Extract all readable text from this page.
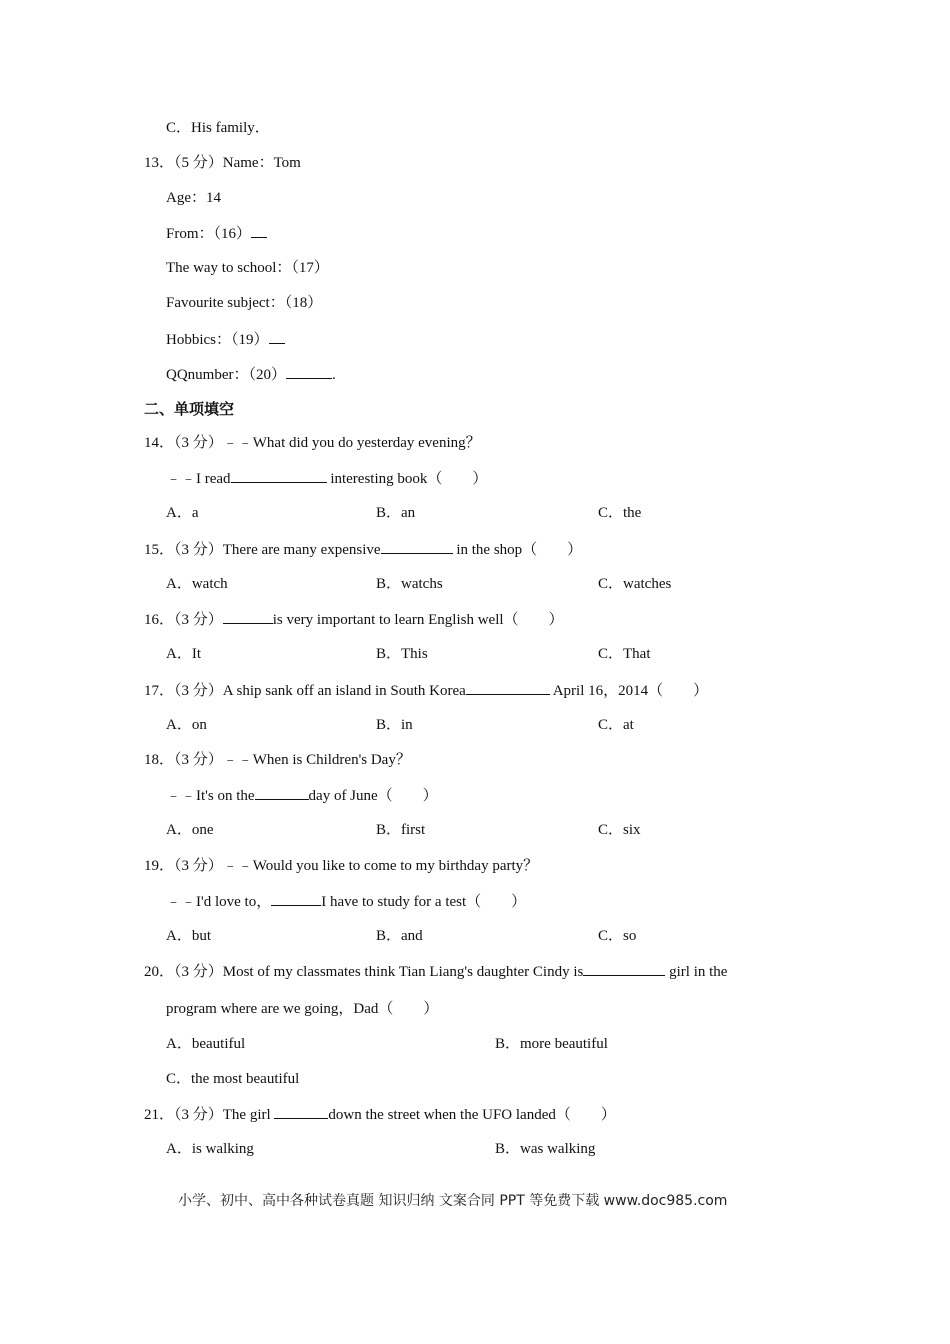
C．His family．
13．（5 分）Name：Tom
Age：14
From：（16）
The way to school：（17）
Favourite subject：（18）
Hobbics：（19）
QQnumber：（20）	.
二、单项填空
14．（3 分）﹣﹣What did you do yesterday evening？
﹣﹣I read	interesting book（　　）
A．a	B．an	C．the
15．（3 分）There are many expensive	in the shop（　　）
A．watch	B．watchs	C．watches
16．（3 分）	is very important to learn English well（　　）
A．It	B．This	C．That
17．（3 分）A ship sank off an island in South Korea	April 16，2014（　　）
A．on	B．in	C．at
18．（3 分）﹣﹣When is Children's Day？
﹣﹣It's on the	day of June（　　）
A．one	B．first	C．six
19．（3 分）﹣﹣Would you like to come to my birthday party？
﹣﹣I'd love to，	I have to study for a test（　　）
A．but	B．and	C．so
20．（3 分）Most of my classmates think Tian Liang's daughter Cindy is	girl in the
program where are we going，Dad（　　）
A．beautiful	B．more beautiful
C．the most beautiful
21．（3 分）The girl	down the street when the UFO landed（　　）
A．is walking	B．was walking
小学、初中、高中各种试卷真题 知识归纳 文案合同 PPT 等免费下载 www.doc985.com
